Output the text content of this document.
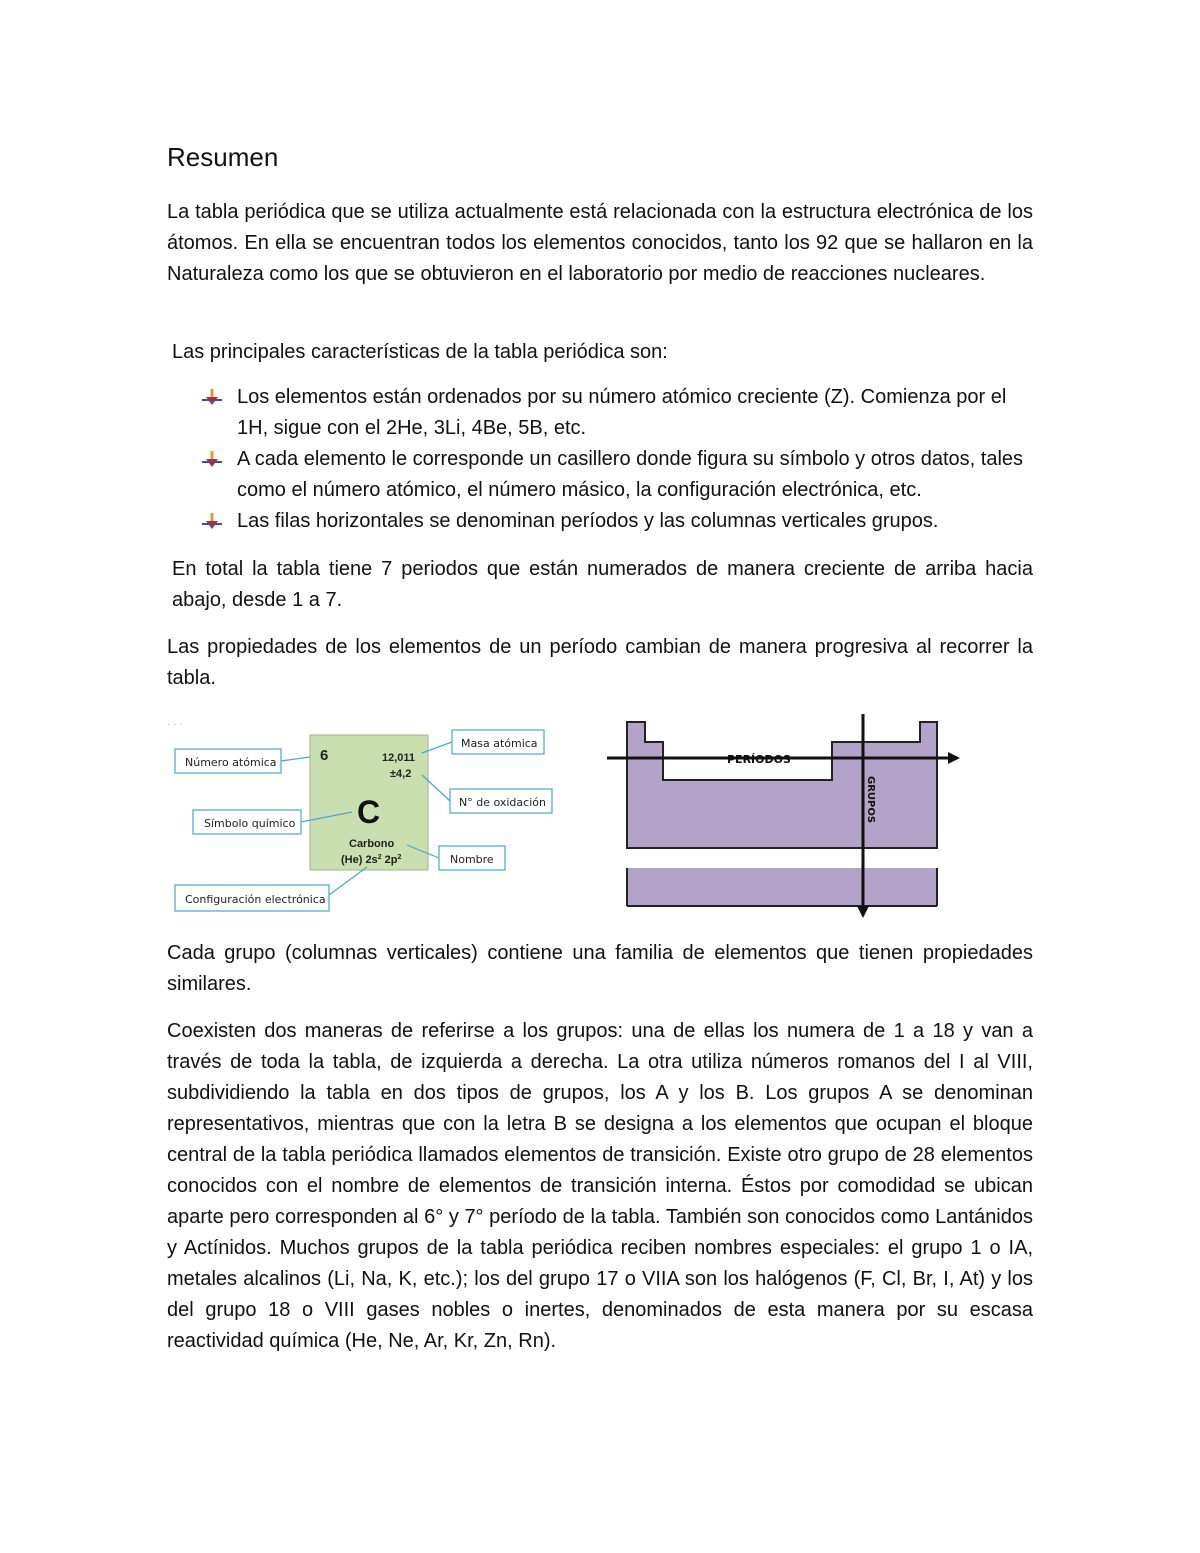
Resumen

La tabla periódica que se utiliza actualmente está relacionada con la estructura electrónica de los átomos. En ella se encuentran todos los elementos conocidos, tanto los 92 que se hallaron en la Naturaleza como los que se obtuvieron en el laboratorio por medio de reacciones nucleares.

Las principales características de la tabla periódica son:

Los elementos están ordenados por su número atómico creciente (Z). Comienza por el 1H, sigue con el 2He, 3Li, 4Be, 5B, etc.
A cada elemento le corresponde un casillero donde figura su símbolo y otros datos, tales como el número atómico, el número másico, la configuración electrónica, etc.
Las filas horizontales se denominan períodos y las columnas verticales grupos.

En total la tabla tiene 7 periodos que están numerados de manera creciente de arriba hacia abajo, desde 1 a 7.

Las propiedades de los elementos de un período cambian de manera progresiva al recorrer la tabla.

· · ·
6	12,011
±4,2
C
Carbono
(He) $2s^2$ $2p^2$
Número atómica
Símbolo químico
Configuración electrónica
Masa atómica
N° de oxidación
Nombre
PERÍODOS
GRUPOS

Cada grupo (columnas verticales) contiene una familia de elementos que tienen propiedades similares.

Coexisten dos maneras de referirse a los grupos: una de ellas los numera de 1 a 18 y van a través de toda la tabla, de izquierda a derecha. La otra utiliza números romanos del I al VIII, subdividiendo la tabla en dos tipos de grupos, los A y los B. Los grupos A se denominan representativos, mientras que con la letra B se designa a los elementos que ocupan el bloque central de la tabla periódica llamados elementos de transición. Existe otro grupo de 28 elementos conocidos con el nombre de elementos de transición interna. Éstos por comodidad se ubican aparte pero corresponden al 6° y 7° período de la tabla. También son conocidos como Lantánidos y Actínidos. Muchos grupos de la tabla periódica reciben nombres especiales: el grupo 1 o IA, metales alcalinos (Li, Na, K, etc.); los del grupo 17 o VIIA son los halógenos (F, Cl, Br, I, At) y los del grupo 18 o VIII gases nobles o inertes, denominados de esta manera por su escasa reactividad química (He, Ne, Ar, Kr, Zn, Rn).
